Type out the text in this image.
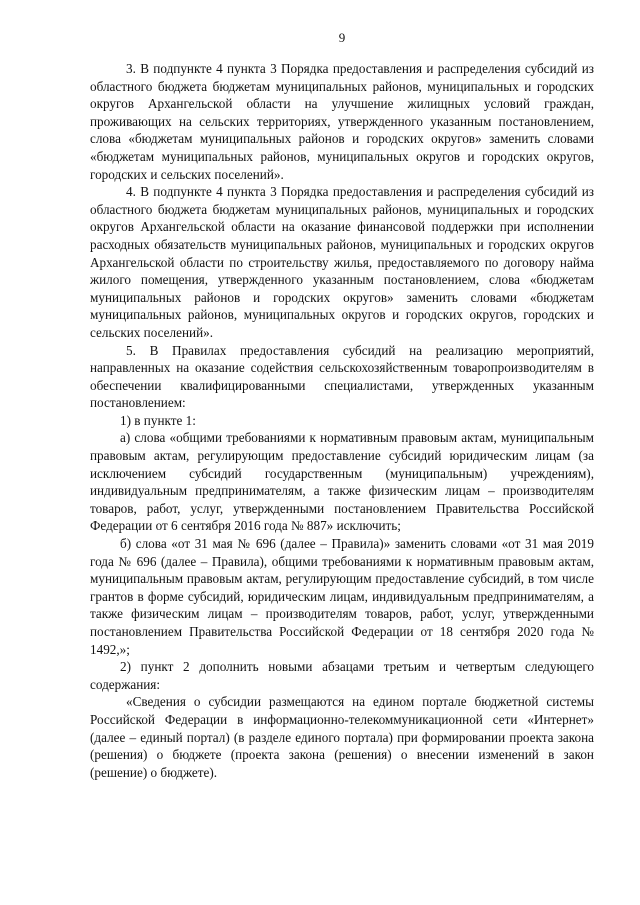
9

3. В подпункте 4 пункта 3 Порядка предоставления и распределения субсидий из областного бюджета бюджетам муниципальных районов, муниципальных и городских округов Архангельской области на улучшение жилищных условий граждан, проживающих на сельских территориях, утвержденного указанным постановлением, слова «бюджетам муниципальных районов и городских округов» заменить словами «бюджетам муниципальных районов, муниципальных округов и городских округов, городских и сельских поселений».

4. В подпункте 4 пункта 3 Порядка предоставления и распределения субсидий из областного бюджета бюджетам муниципальных районов, муниципальных и городских округов Архангельской области на оказание финансовой поддержки при исполнении расходных обязательств муниципальных районов, муниципальных и городских округов Архангельской области по строительству жилья, предоставляемого по договору найма жилого помещения, утвержденного указанным постановлением, слова «бюджетам муниципальных районов и городских округов» заменить словами «бюджетам муниципальных районов, муниципальных округов и городских округов, городских и сельских поселений».

5. В Правилах предоставления субсидий на реализацию мероприятий, направленных на оказание содействия сельскохозяйственным товаропроизводителям в обеспечении квалифицированными специалистами, утвержденных указанным постановлением:

1) в пункте 1:

а) слова «общими требованиями к нормативным правовым актам, муниципальным правовым актам, регулирующим предоставление субсидий юридическим лицам (за исключением субсидий государственным (муниципальным) учреждениям), индивидуальным предпринимателям, а также физическим лицам – производителям товаров, работ, услуг, утвержденными постановлением Правительства Российской Федерации от 6 сентября 2016 года № 887» исключить;

б) слова «от 31 мая № 696 (далее – Правила)» заменить словами «от 31 мая 2019 года № 696 (далее – Правила), общими требованиями к нормативным правовым актам, муниципальным правовым актам, регулирующим предоставление субсидий, в том числе грантов в форме субсидий, юридическим лицам, индивидуальным предпринимателям, а также физическим лицам – производителям товаров, работ, услуг, утвержденными постановлением Правительства Российской Федерации от 18 сентября 2020 года № 1492,»;

2) пункт 2 дополнить новыми абзацами третьим и четвертым следующего содержания:

«Сведения о субсидии размещаются на едином портале бюджетной системы Российской Федерации в информационно-телекоммуникационной сети «Интернет» (далее – единый портал) (в разделе единого портала) при формировании проекта закона (решения) о бюджете (проекта закона (решения) о внесении изменений в закон (решение) о бюджете).
